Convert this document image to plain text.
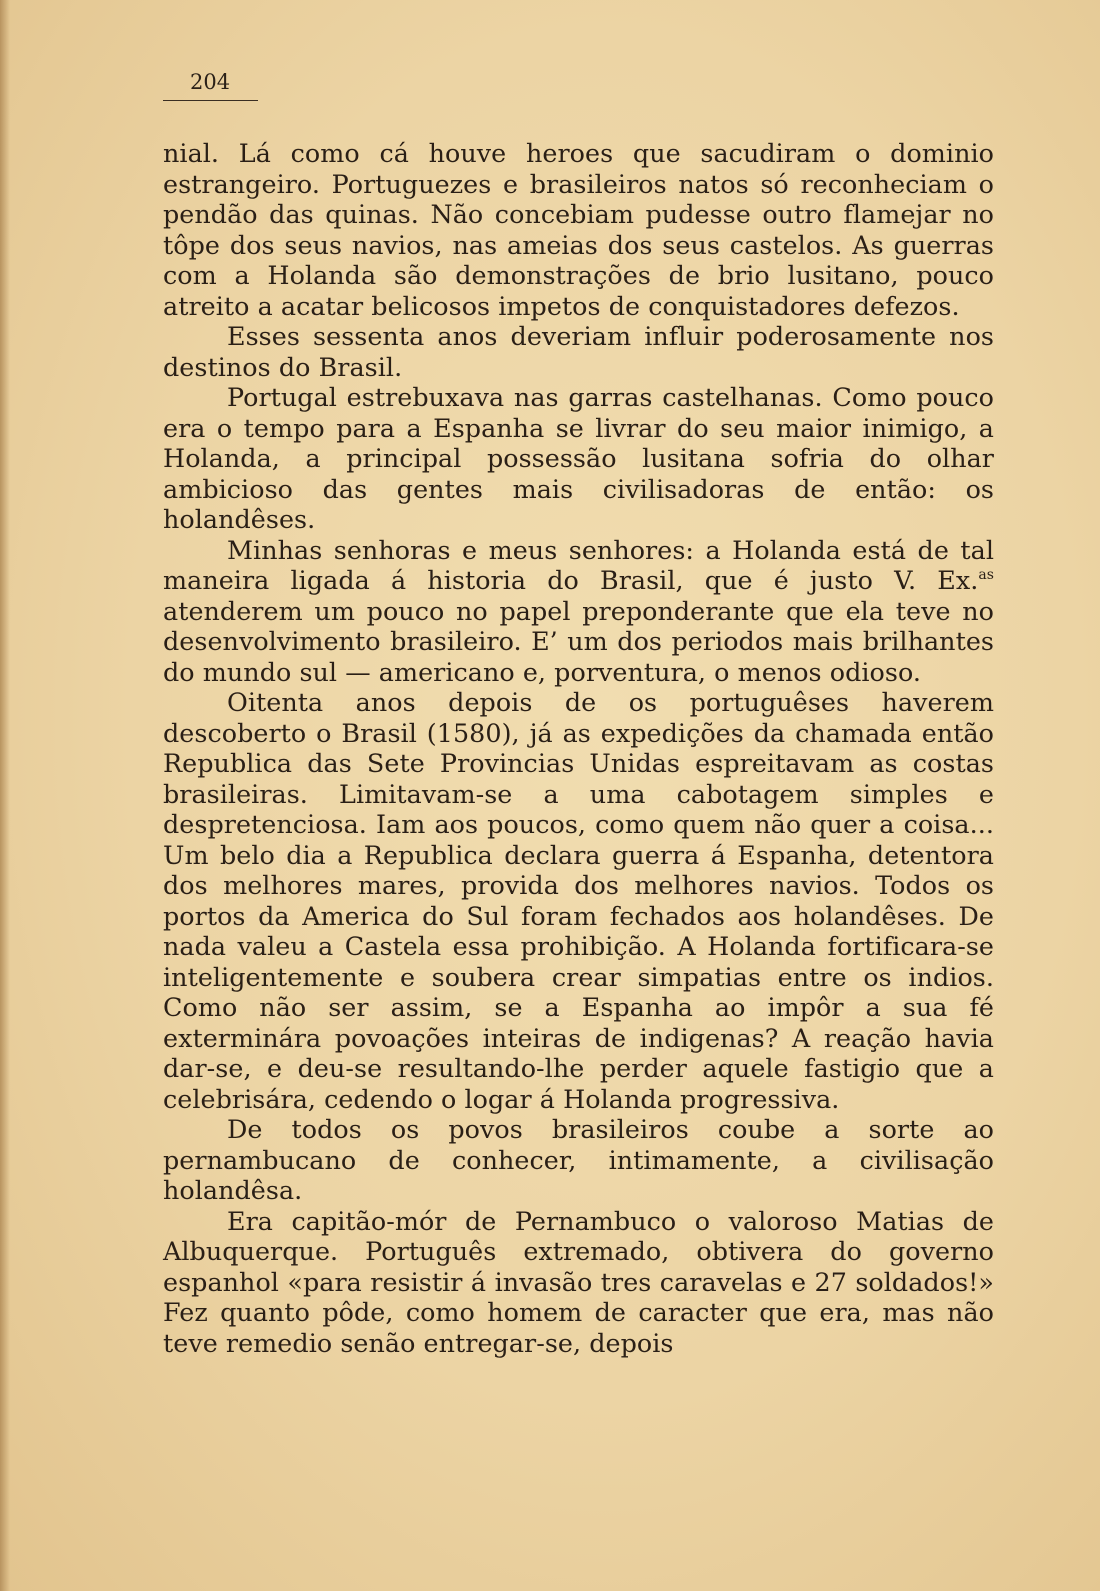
204

nial. Lá como cá houve heroes que sacudiram o dominio estrangeiro. Portuguezes e brasileiros natos só reconheciam o pendão das quinas. Não concebiam pudesse outro flamejar no tôpe dos seus navios, nas ameias dos seus castelos. As guerras com a Holanda são demonstrações de brio lusitano, pouco atreito a acatar belicosos impetos de conquistadores defezos.

Esses sessenta anos deveriam influir poderosamente nos destinos do Brasil.

Portugal estrebuxava nas garras castelhanas. Como pouco era o tempo para a Espanha se livrar do seu maior inimigo, a Holanda, a principal possessão lusitana sofria do olhar ambicioso das gentes mais civilisadoras de então: os holandêses.

Minhas senhoras e meus senhores: a Holanda está de tal maneira ligada á historia do Brasil, que é justo V. Ex.$^{as}$ atenderem um pouco no papel preponderante que ela teve no desenvolvimento brasileiro. E’ um dos periodos mais brilhantes do mundo sul — americano e, porventura, o menos odioso.

Oitenta anos depois de os portuguêses haverem descoberto o Brasil (1580), já as expedições da chamada então Republica das Sete Provincias Unidas espreitavam as costas brasileiras. Limitavam-se a uma cabotagem simples e despretenciosa. Iam aos poucos, como quem não quer a coisa... Um belo dia a Republica declara guerra á Espanha, detentora dos melhores mares, provida dos melhores navios. Todos os portos da America do Sul foram fechados aos holandêses. De nada valeu a Castela essa prohibição. A Holanda fortificara-se inteligentemente e soubera crear simpatias entre os indios. Como não ser assim, se a Espanha ao impôr a sua fé exterminára povoações inteiras de indigenas? A reação havia dar-se, e deu-se resultando-lhe perder aquele fastigio que a celebrisára, cedendo o logar á Holanda progressiva.

De todos os povos brasileiros coube a sorte ao pernambucano de conhecer, intimamente, a civilisação holandêsa.

Era capitão-mór de Pernambuco o valoroso Matias de Albuquerque. Português extremado, obtivera do governo espanhol «para resistir á invasão tres caravelas e 27 soldados!» Fez quanto pôde, como homem de caracter que era, mas não teve remedio senão entregar-se, depois
